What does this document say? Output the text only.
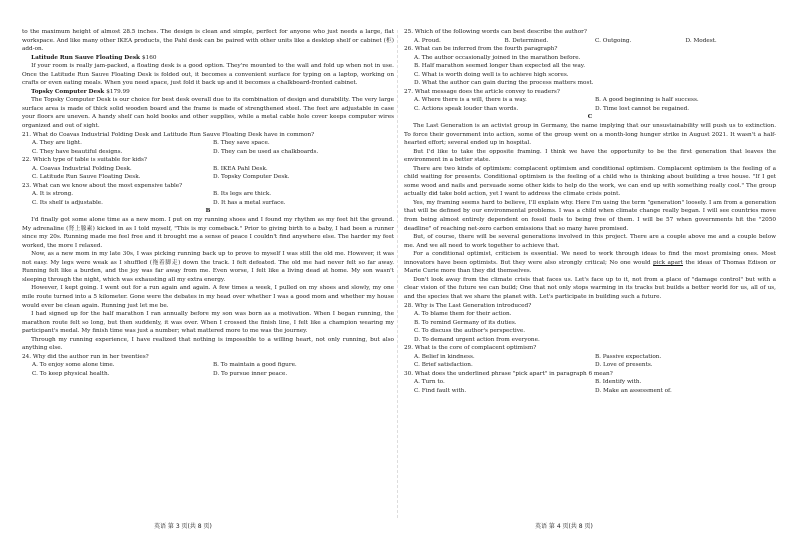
to the maximum height of almost 28.5 inches. The design is clean and simple, perfect for anyone who just needs a large, flat workspace. And like many other IKEA products, the Pahl desk can be paired with other units like a desktop shelf or cabinet (柜) add-on.

Latitude Run Sauve Floating Desk $160

If your room is really jam-packed, a floating desk is a good option. They're mounted to the wall and fold up when not in use. Once the Latitude Run Sauve Floating Desk is folded out, it becomes a convenient surface for typing on a laptop, working on crafts or even eating meals. When you need space, just fold it back up and it becomes a chalkboard-fronted cabinet.

Topsky Computer Desk $179.99

The Topsky Computer Desk is our choice for best desk overall due to its combination of design and durability. The very large surface area is made of thick solid wooden board and the frame is made of strengthened steel. The feet are adjustable in case your floors are uneven. A handy shelf can hold books and other supplies, while a metal cable hole cover keeps computer wires organized and out of sight.

21. What do Coavas Industrial Folding Desk and Latitude Run Sauve Floating Desk have in common?

A. They are light.	B. They save space.
C. They have beautiful designs.	D. They can be used as chalkboards.

22. Which type of table is suitable for kids?

A. Coavas Industrial Folding Desk.	B. IKEA Pahl Desk.
C. Latitude Run Sauve Floating Desk.	D. Topsky Computer Desk.

23. What can we know about the most expensive table?

A. It is strong.	B. Its legs are thick.
C. Its shelf is adjustable.	D. It has a metal surface.

B

I'd finally got some alone time as a new mom. I put on my running shoes and I found my rhythm as my feet hit the ground. My adrenaline (肾上腺素) kicked in as I told myself, "This is my comeback." Prior to giving birth to a baby, I had been a runner since my 20s. Running made me feel free and it brought me a sense of peace I couldn't find anywhere else. The harder my feet worked, the more I relaxed.

Now, as a new mom in my late 30s, I was picking running back up to prove to myself I was still the old me. However, it was not easy. My legs were weak as I shuffled (拖着脚走) down the track. I felt defeated. The old me had never felt so far away. Running felt like a burden, and the joy was far away from me. Even worse, I felt like a living dead at home. My son wasn't sleeping through the night, which was exhausting all my extra energy.

However, I kept going. I went out for a run again and again. A few times a week, I pulled on my shoes and slowly, my one mile route turned into a 5 kilometer. Gone were the debates in my head over whether I was a good mom and whether my house would ever be clean again. Running just let me be.

I had signed up for the half marathon I ran annually before my son was born as a motivation. When I began running, the marathon route felt so long, but then suddenly, it was over. When I crossed the finish line, I felt like a champion wearing my participant's medal. My finish time was just a number; what mattered more to me was the journey.

Through my running experience, I have realized that nothing is impossible to a willing heart, not only running, but also anything else.

24. Why did the author run in her twenties?

A. To enjoy some alone time.	B. To maintain a good figure.
C. To keep physical health.	D. To pursue inner peace.

25. Which of the following words can best describe the author?

A. Proud.	B. Determined.	C. Outgoing.	D. Modest.

26. What can be inferred from the fourth paragraph?

A. The author occasionally joined in the marathon before.

B. Half marathon seemed longer than expected all the way.

C. What is worth doing well is to achieve high scores.

D. What the author can gain during the process matters most.

27. What message does the article convey to readers?

A. Where there is a will, there is a way.	B. A good beginning is half success.
C. Actions speak louder than words.	D. Time lost cannot be regained.

C

The Last Generation is an activist group in Germany, the name implying that our unsustainability will push us to extinction. To force their government into action, some of the group went on a month-long hunger strike in August 2021. It wasn't a half-hearted effort; several ended up in hospital.

But I'd like to take the opposite framing. I think we have the opportunity to be the first generation that leaves the environment in a better state.

There are two kinds of optimism: complacent optimism and conditional optimism. Complacent optimism is the feeling of a child waiting for presents. Conditional optimism is the feeling of a child who is thinking about building a tree house. "If I get some wood and nails and persuade some other kids to help do the work, we can end up with something really cool." The group actually did take bold action, yet I want to address the climate crisis point.

Yes, my framing seems hard to believe, I'll explain why. Here I'm using the term "generation" loosely. I am from a generation that will be defined by our environmental problems. I was a child when climate change really began. I will see countries move from being almost entirely dependent on fossil fuels to being free of them. I will be 57 when governments hit the "2050 deadline" of reaching net-zero carbon emissions that so many have promised.

But, of course, there will be several generations involved in this project. There are a couple above me and a couple below me. And we all need to work together to achieve that.

For a conditional optimist, criticism is essential. We need to work through ideas to find the most promising ones. Most innovators have been optimists. But they were also strongly critical; No one would pick apart the ideas of Thomas Edison or Marie Curie more than they did themselves.

Don't look away from the climate crisis that faces us. Let's face up to it, not from a place of "damage control" but with a clear vision of the future we can build; One that not only stops warming in its tracks but builds a better world for us, all of us, and the species that we share the planet with. Let's participate in building such a future.

28. Why is The Last Generation introduced?

A. To blame them for their action.

B. To remind Germany of its duties.

C. To discuss the author's perspective.

D. To demand urgent action from everyone.

29. What is the core of complacent optimism?

A. Belief in kindness.	B. Passive expectation.
C. Brief satisfaction.	D. Love of presents.

30. What does the underlined phrase "pick apart" in paragraph 6 mean?

A. Turn to.	B. Identify with.
C. Find fault with.	D. Make an assessment of.
英语 第 3 页(共 8 页)	英语 第 4 页(共 8 页)
